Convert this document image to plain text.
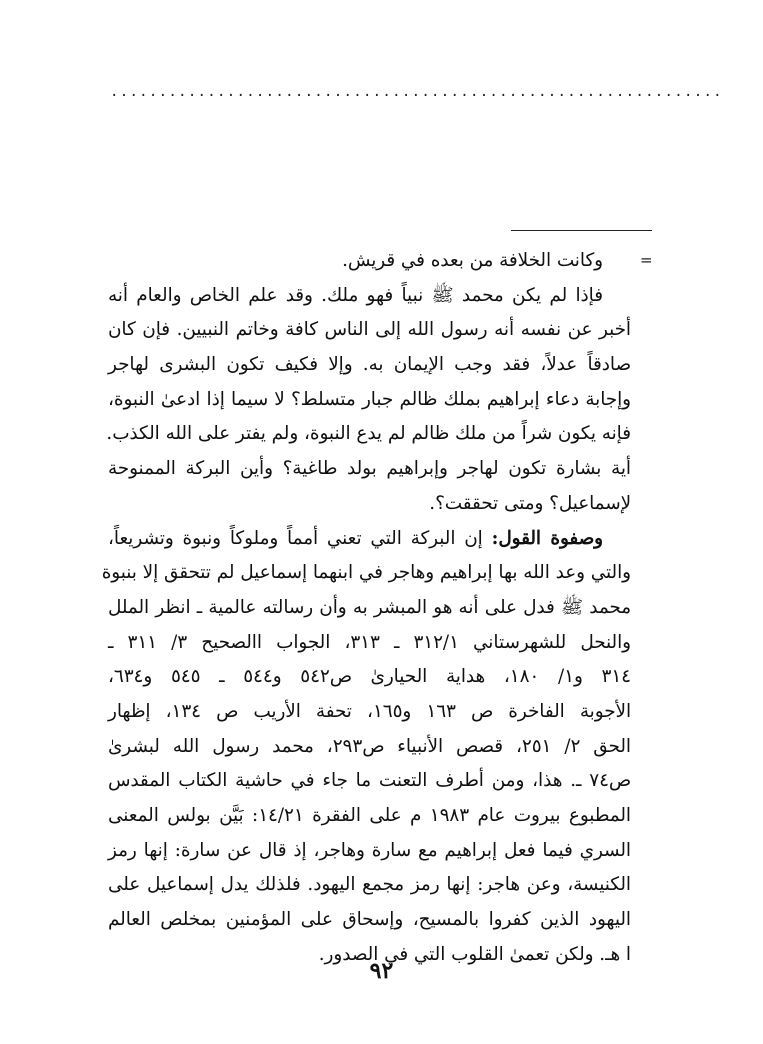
...............................................................
=
وكانت الخلافة من بعده في قريش.
فإذا لم يكن محمد ﷺ نبياً فهو ملك. وقد علم الخاص والعام أنه
أخبر عن نفسه أنه رسول الله إلى الناس كافة وخاتم النبيين. فإن كان
صادقاً عدلاً، فقد وجب الإيمان به. وإلا فكيف تكون البشرى لهاجر
وإجابة دعاء إبراهيم بملك ظالم جبار متسلط؟ لا سيما إذا ادعىٰ النبوة،
فإنه يكون شراً من ملك ظالم لم يدع النبوة، ولم يفتر على الله الكذب.
أية بشارة تكون لهاجر وإبراهيم بولد طاغية؟ وأين البركة الممنوحة
لإسماعيل؟ ومتى تحققت؟.
وصفوة القول: إن البركة التي تعني أمماً وملوكاً ونبوة وتشريعاً،
والتي وعد الله بها إبراهيم وهاجر في ابنهما إسماعيل لم تتحقق إلا بنبوة
محمد ﷺ فدل على أنه هو المبشر به وأن رسالته عالمية ـ انظر الملل
والنحل للشهرستاني ٣١٢/١ ـ ٣١٣، الجواب االصحيح ٣/ ٣١١ ـ
٣١٤ و١/ ١٨٠، هداية الحيارىٰ ص٥٤٢ و٥٤٤ ـ ٥٤٥ و٦٣٤،
الأجوبة الفاخرة ص ١٦٣ و١٦٥، تحفة الأريب ص ١٣٤، إظهار
الحق ٢/ ٢٥١، قصص الأنبياء ص٢٩٣، محمد رسول الله لبشرىٰ
ص٧٤ ـ. هذا، ومن أطرف التعنت ما جاء في حاشية الكتاب المقدس
المطبوع بيروت عام ١٩٨٣ م على الفقرة ١٤/٢١: بَيَّن بولس المعنى
السري فيما فعل إبراهيم مع سارة وهاجر، إذ قال عن سارة: إنها رمز
الكنيسة، وعن هاجر: إنها رمز مجمع اليهود. فلذلك يدل إسماعيل على
اليهود الذين كفروا بالمسيح، وإسحاق على المؤمنين بمخلص العالم
ا هـ. ولكن تعمىٰ القلوب التي في الصدور.
٩٢
